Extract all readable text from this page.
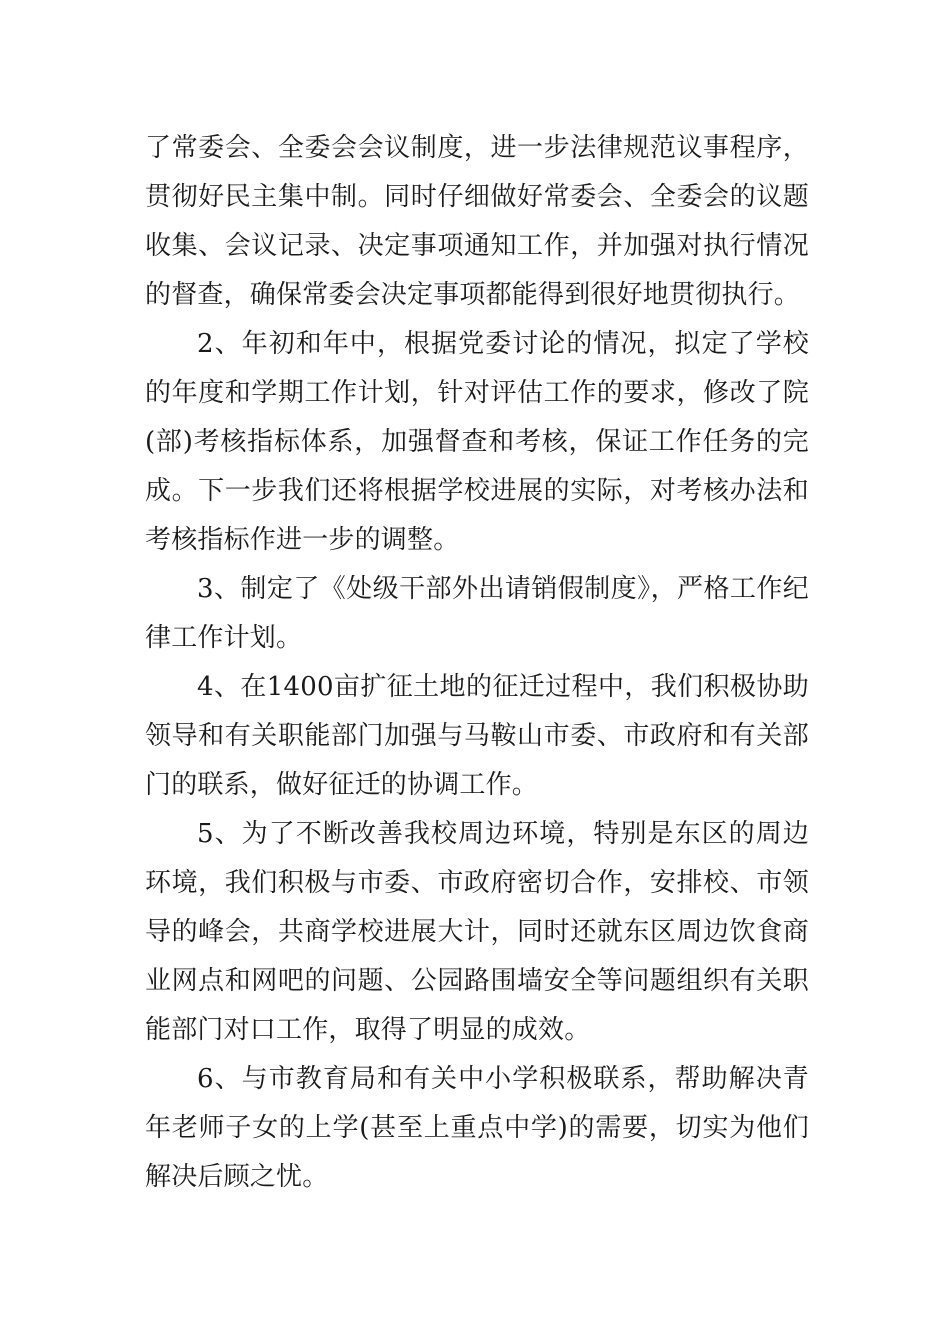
了常委会、全委会会议制度，进一步法律规范议事程序，贯彻好民主集中制。同时仔细做好常委会、全委会的议题收集、会议记录、决定事项通知工作，并加强对执行情况的督查，确保常委会决定事项都能得到很好地贯彻执行。

2、年初和年中，根据党委讨论的情况，拟定了学校的年度和学期工作计划，针对评估工作的要求，修改了院(部)考核指标体系，加强督查和考核，保证工作任务的完成。下一步我们还将根据学校进展的实际，对考核办法和考核指标作进一步的调整。

3、制定了《处级干部外出请销假制度》，严格工作纪律工作计划。

4、在1400亩扩征土地的征迁过程中，我们积极协助领导和有关职能部门加强与马鞍山市委、市政府和有关部门的联系，做好征迁的协调工作。

5、为了不断改善我校周边环境，特别是东区的周边环境，我们积极与市委、市政府密切合作，安排校、市领导的峰会，共商学校进展大计，同时还就东区周边饮食商业网点和网吧的问题、公园路围墙安全等问题组织有关职能部门对口工作，取得了明显的成效。

6、与市教育局和有关中小学积极联系，帮助解决青年老师子女的上学(甚至上重点中学)的需要，切实为他们解决后顾之忧。
